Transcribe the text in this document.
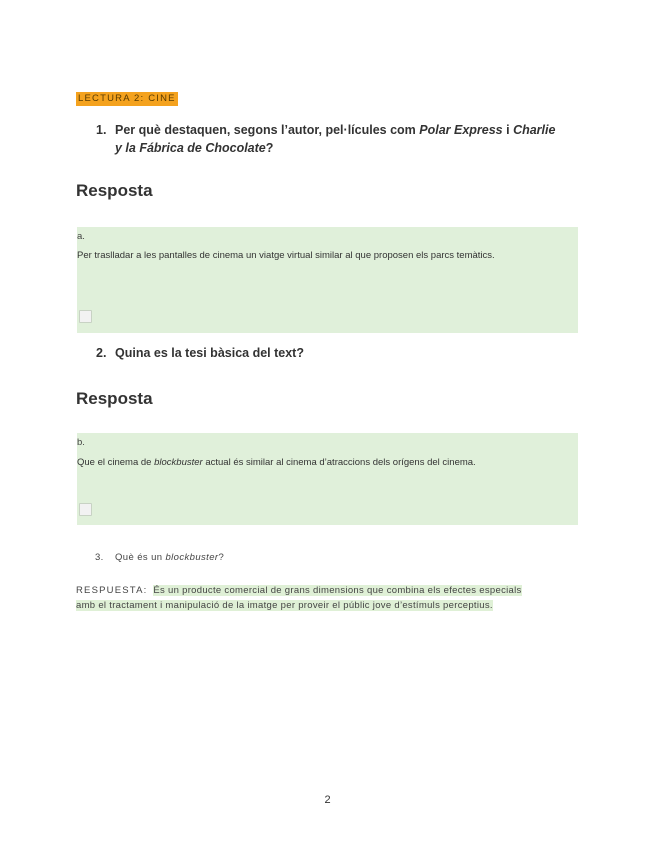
LECTURA 2: CINE
1. Per què destaquen, segons l’autor, pel·lícules com Polar Express i Charlie
y la Fábrica de Chocolate?
Resposta
a.
Per traslladar a les pantalles de cinema un viatge virtual similar al que proposen els parcs temàtics.
2. Quina es la tesi bàsica del text?
Resposta
b.
Que el cinema de blockbuster actual és similar al cinema d’atraccions dels orígens del cinema.
3. Què és un blockbuster?
RESPUESTA: És un producte comercial de grans dimensions que combina els efectes especials
amb el tractament i manipulació de la imatge per proveir el públic jove d’estímuls perceptius.
2
